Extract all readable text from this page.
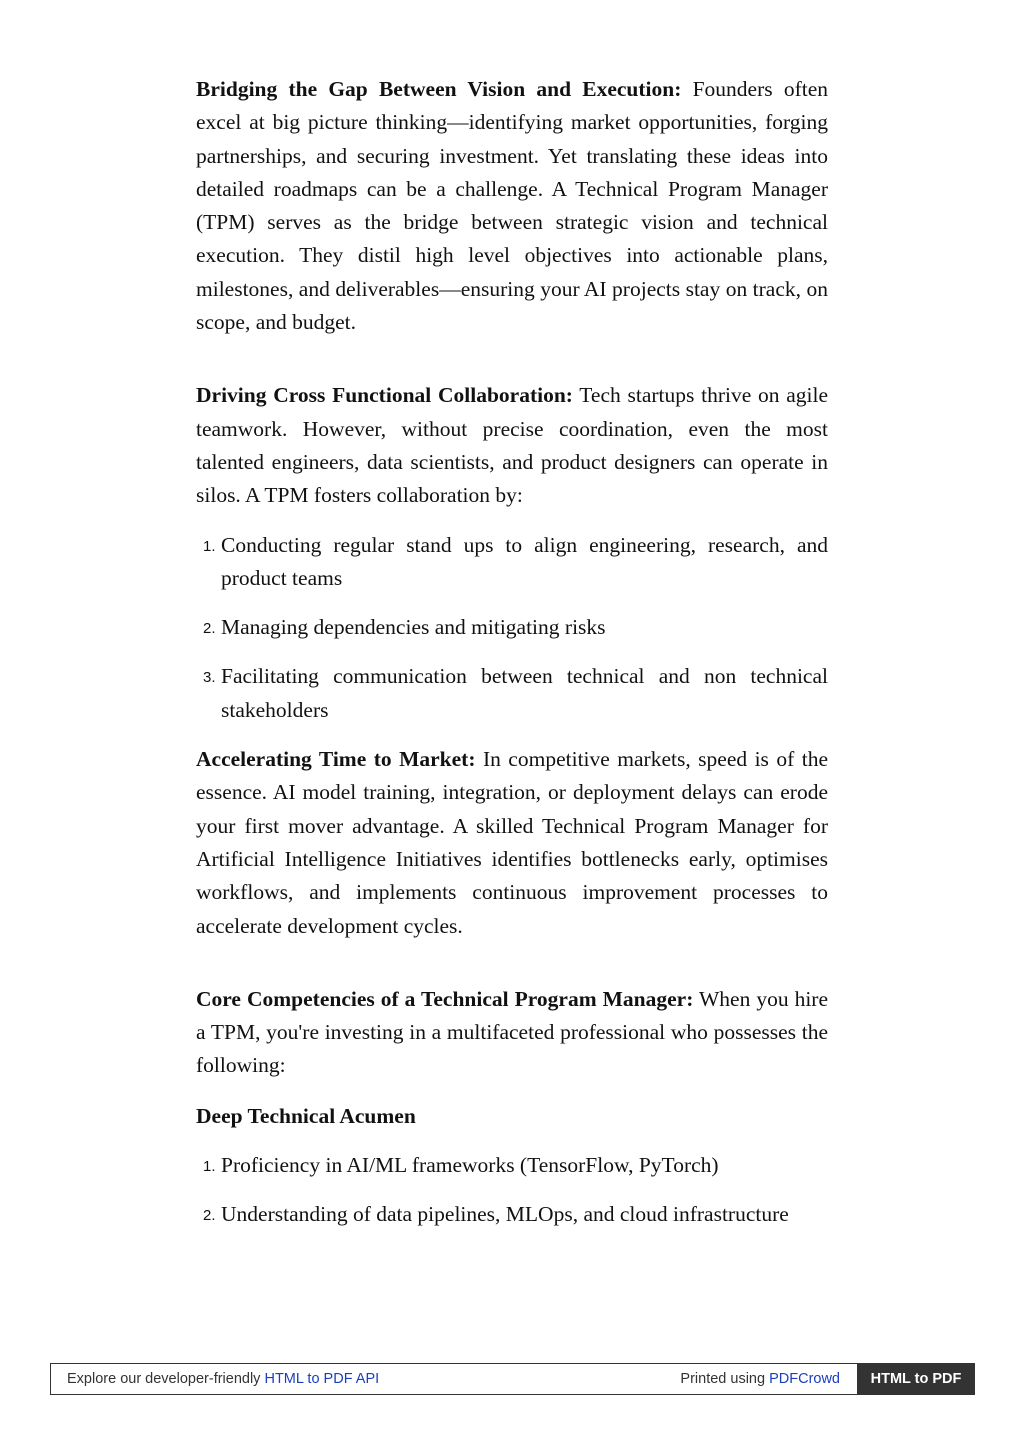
Bridging the Gap Between Vision and Execution: Founders often excel at big picture thinking—identifying market opportunities, forging partnerships, and securing investment. Yet translating these ideas into detailed roadmaps can be a challenge. A Technical Program Manager (TPM) serves as the bridge between strategic vision and technical execution. They distil high level objectives into actionable plans, milestones, and deliverables—ensuring your AI projects stay on track, on scope, and budget.

Driving Cross Functional Collaboration: Tech startups thrive on agile teamwork. However, without precise coordination, even the most talented engineers, data scientists, and product designers can operate in silos. A TPM fosters collaboration by:

1. Conducting regular stand ups to align engineering, research, and product teams
2. Managing dependencies and mitigating risks
3. Facilitating communication between technical and non technical stakeholders

Accelerating Time to Market: In competitive markets, speed is of the essence. AI model training, integration, or deployment delays can erode your first mover advantage. A skilled Technical Program Manager for Artificial Intelligence Initiatives identifies bottlenecks early, optimises workflows, and implements continuous improvement processes to accelerate development cycles.

Core Competencies of a Technical Program Manager: When you hire a TPM, you're investing in a multifaceted professional who possesses the following:

Deep Technical Acumen

1. Proficiency in AI/ML frameworks (TensorFlow, PyTorch)
2. Understanding of data pipelines, MLOps, and cloud infrastructure
Explore our developer-friendly HTML to PDF API	Printed using PDFCrowd	HTML to PDF
